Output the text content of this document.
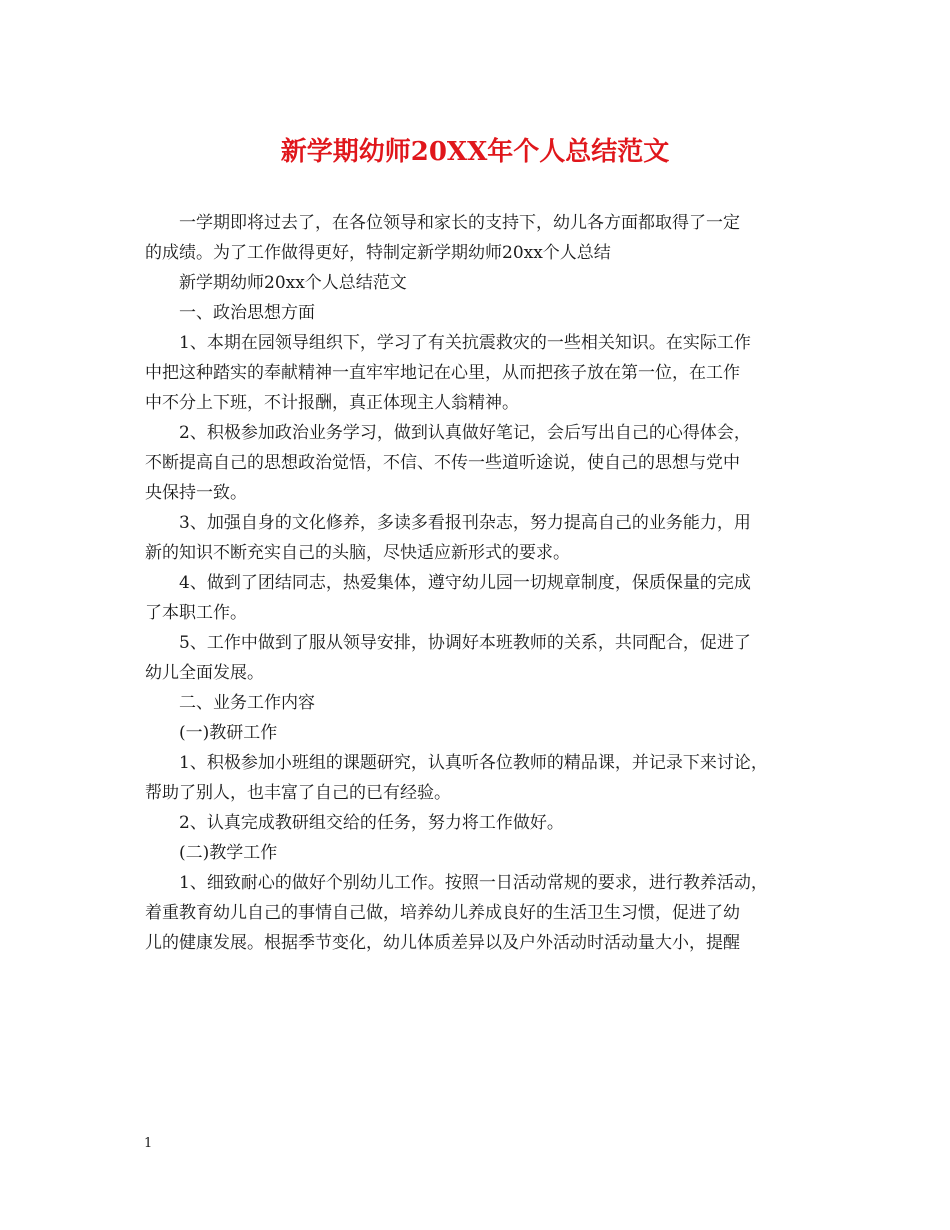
新学期幼师20XX年个人总结范文

一学期即将过去了，在各位领导和家长的支持下，幼儿各方面都取得了一定
的成绩。为了工作做得更好，特制定新学期幼师20xx个人总结

新学期幼师20xx个人总结范文

一、政治思想方面

1、本期在园领导组织下，学习了有关抗震救灾的一些相关知识。在实际工作
中把这种踏实的奉献精神一直牢牢地记在心里，从而把孩子放在第一位，在工作
中不分上下班，不计报酬，真正体现主人翁精神。

2、积极参加政治业务学习，做到认真做好笔记，会后写出自己的心得体会，
不断提高自己的思想政治觉悟，不信、不传一些道听途说，使自己的思想与党中
央保持一致。

3、加强自身的文化修养，多读多看报刊杂志，努力提高自己的业务能力，用
新的知识不断充实自己的头脑，尽快适应新形式的要求。

4、做到了团结同志，热爱集体，遵守幼儿园一切规章制度，保质保量的完成
了本职工作。

5、工作中做到了服从领导安排，协调好本班教师的关系，共同配合，促进了
幼儿全面发展。

二、业务工作内容

(一)教研工作

1、积极参加小班组的课题研究，认真听各位教师的精品课，并记录下来讨论，
帮助了别人，也丰富了自己的已有经验。

2、认真完成教研组交给的任务，努力将工作做好。

(二)教学工作

1、细致耐心的做好个别幼儿工作。按照一日活动常规的要求，进行教养活动，
着重教育幼儿自己的事情自己做，培养幼儿养成良好的生活卫生习惯，促进了幼
儿的健康发展。根据季节变化，幼儿体质差异以及户外活动时活动量大小，提醒

1
